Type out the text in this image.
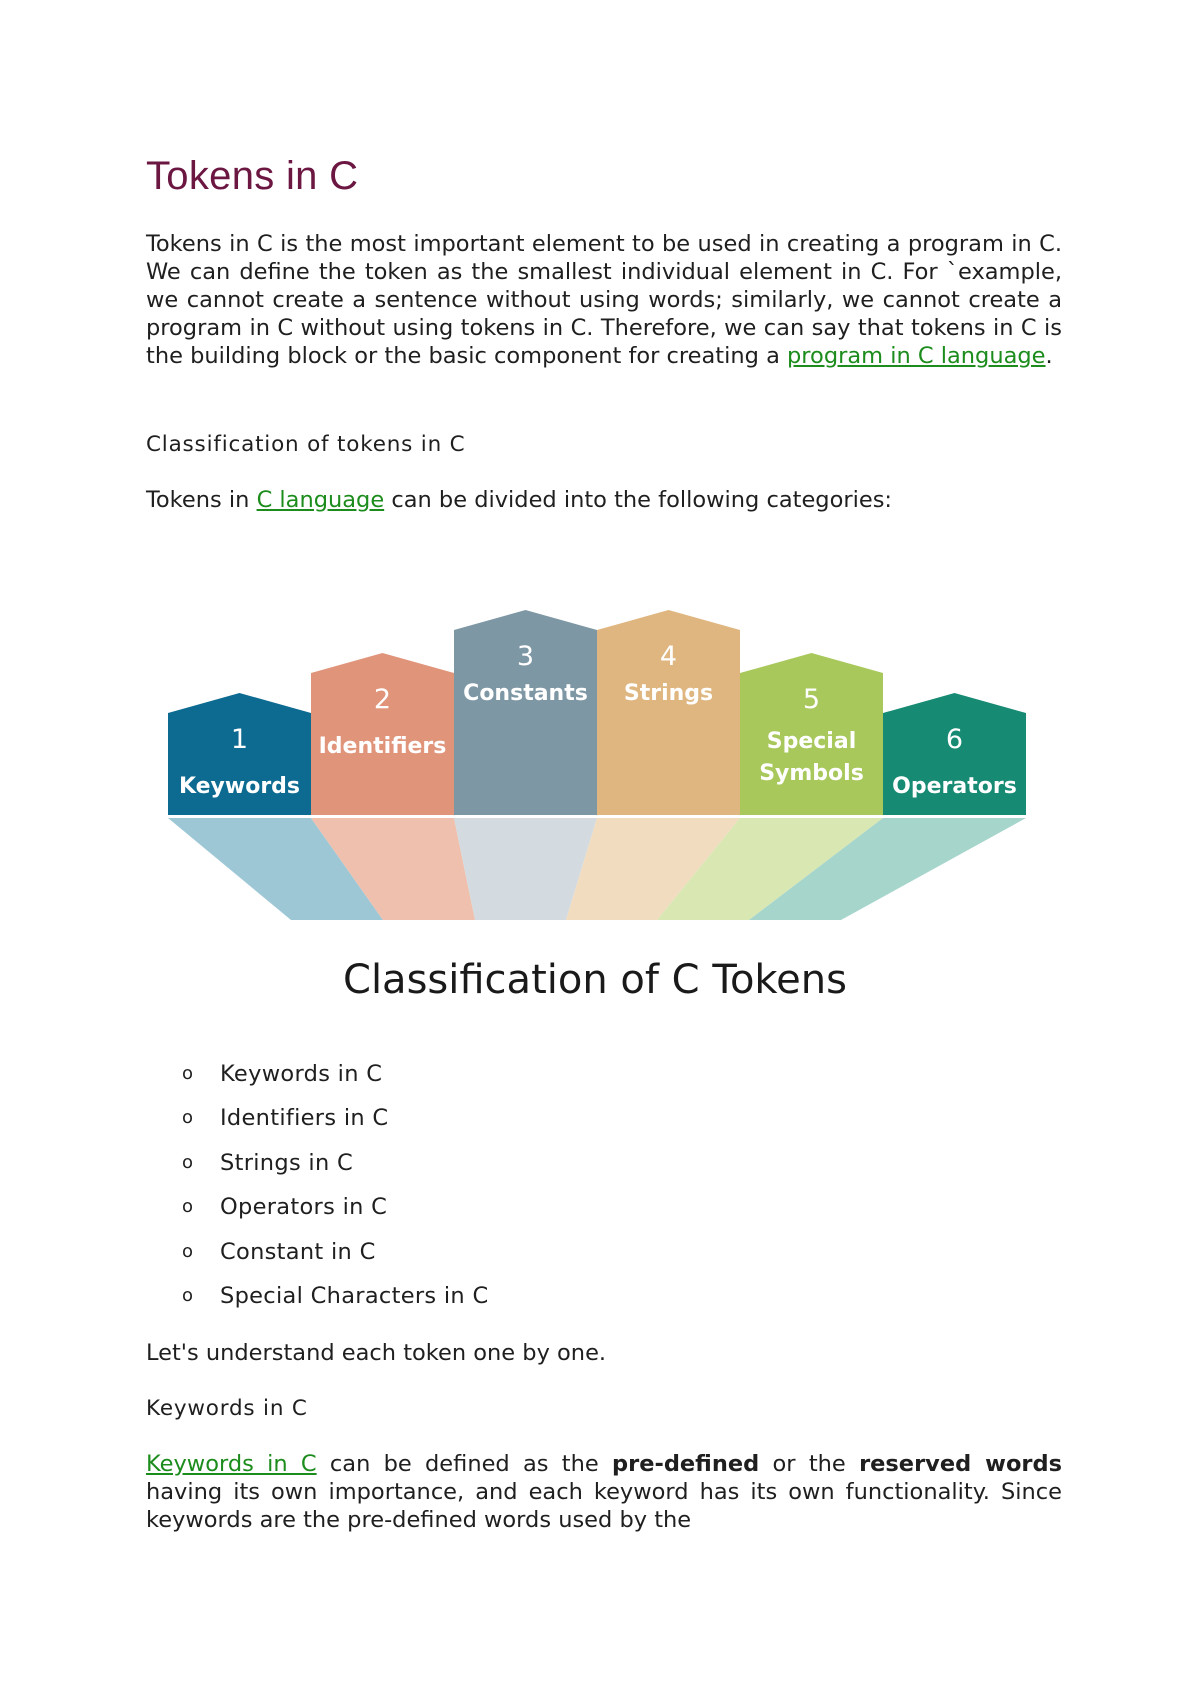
Tokens in C

Tokens in C is the most important element to be used in creating a program in C. We can define the token as the smallest individual element in C. For `example, we cannot create a sentence without using words; similarly, we cannot create a program in C without using tokens in C. Therefore, we can say that tokens in C is the building block or the basic component for creating a program in C language.

Classification of tokens in C

Tokens in C language can be divided into the following categories:

1
Keywords
2
Identifiers
3
Constants
4
Strings	5
Special
Symbols
6
Operators
Classification of C Tokens
o Keywords in C
o Identifiers in C
o Strings in C
o Operators in C
o Constant in C
o Special Characters in C

Let's understand each token one by one.

Keywords in C

Keywords in C can be defined as the pre-defined or the reserved words having its own importance, and each keyword has its own functionality. Since keywords are the pre-defined words used by the
